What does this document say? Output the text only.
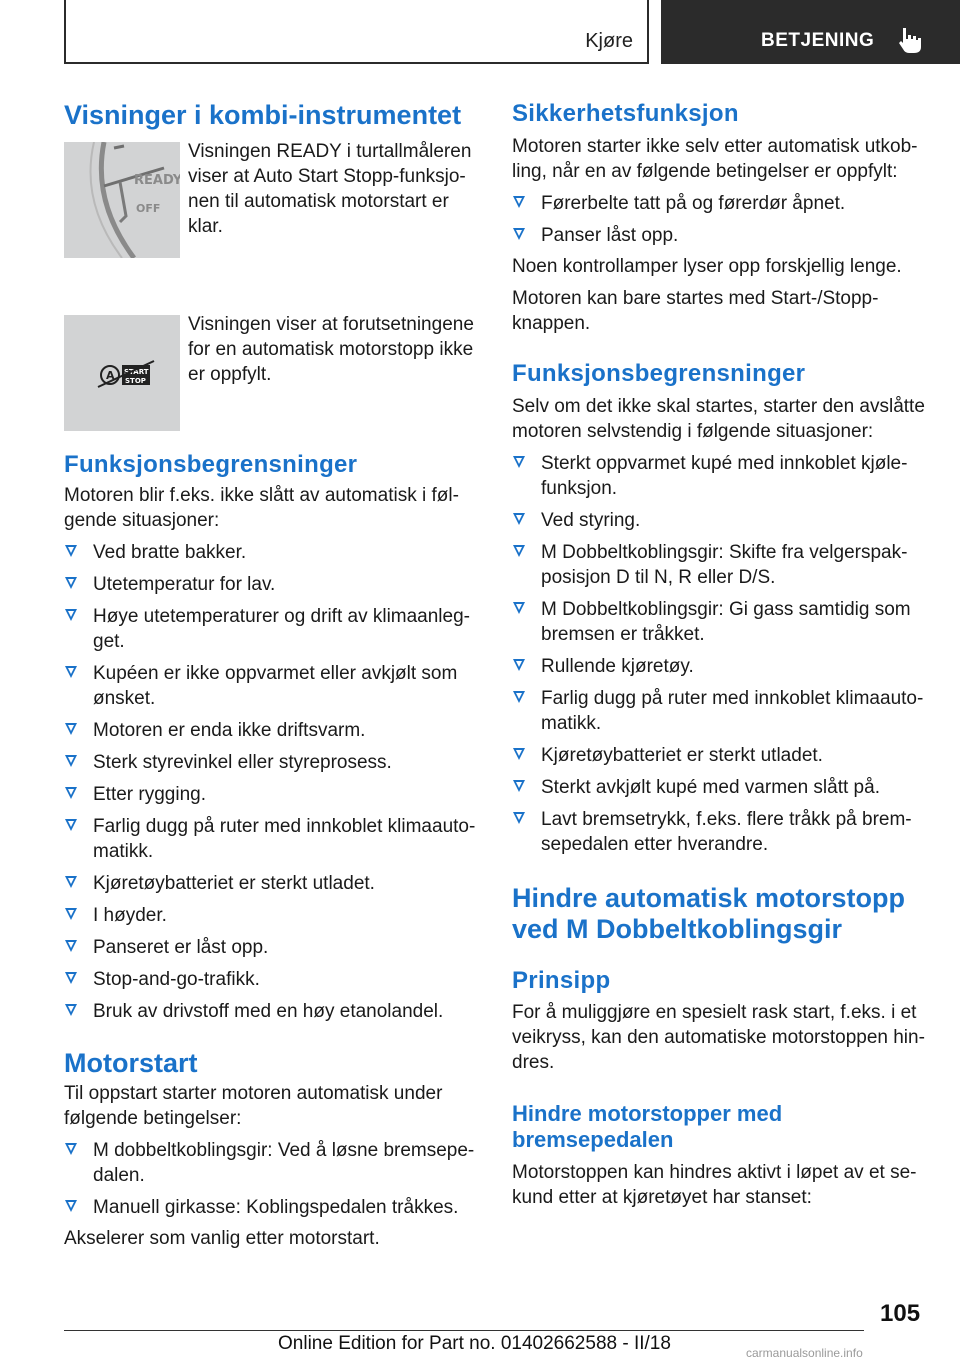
Kjøre	BETJENING
Visninger i kombi-instrumentet
READY
OFF

Visningen READY i turtallmåleren viser at Auto Start Stopp-funksjo-nen til automatisk motorstart er klar.

A START
STOP

Visningen viser at forutsetningene for en automatisk motorstopp ikke er oppfylt.

Funksjonsbegrensninger

Motoren blir f.eks. ikke slått av automatisk i føl-gende situasjoner:

Ved bratte bakker.
Utetemperatur for lav.
Høye utetemperaturer og drift av klimaanleg-get.
Kupéen er ikke oppvarmet eller avkjølt som ønsket.
Motoren er enda ikke driftsvarm.
Sterk styrevinkel eller styreprosess.
Etter rygging.
Farlig dugg på ruter med innkoblet klimaauto-matikk.
Kjøretøybatteriet er sterkt utladet.
I høyder.
Panseret er låst opp.
Stop-and-go-trafikk.
Bruk av drivstoff med en høy etanolandel.
Motorstart

Til oppstart starter motoren automatisk under følgende betingelser:

M dobbeltkoblingsgir: Ved å løsne bremsepe-dalen.
Manuell girkasse: Koblingspedalen tråkkes.

Akselerer som vanlig etter motorstart.

Sikkerhetsfunksjon

Motoren starter ikke selv etter automatisk utkob-ling, når en av følgende betingelser er oppfylt:

Førerbelte tatt på og førerdør åpnet.
Panser låst opp.

Noen kontrollamper lyser opp forskjellig lenge.

Motoren kan bare startes med Start-/Stopp-knappen.

Funksjonsbegrensninger

Selv om det ikke skal startes, starter den avslåtte motoren selvstendig i følgende situasjoner:

Sterkt oppvarmet kupé med innkoblet kjøle-funksjon.
Ved styring.
M Dobbeltkoblingsgir: Skifte fra velgerspak-posisjon D til N, R eller D/S.
M Dobbeltkoblingsgir: Gi gass samtidig som bremsen er tråkket.
Rullende kjøretøy.
Farlig dugg på ruter med innkoblet klimaauto-matikk.
Kjøretøybatteriet er sterkt utladet.
Sterkt avkjølt kupé med varmen slått på.
Lavt bremsetrykk, f.eks. flere tråkk på brem-sepedalen etter hverandre.
Hindre automatisk motorstopp ved M Dobbeltkoblingsgir
Prinsipp

For å muliggjøre en spesielt rask start, f.eks. i et veikryss, kan den automatiske motorstoppen hin-dres.

Hindre motorstopper med bremsepedalen

Motorstoppen kan hindres aktivt i løpet av et se-kund etter at kjøretøyet har stanset:

105
Online Edition for Part no. 01402662588 - II/18	carmanualsonline.info
